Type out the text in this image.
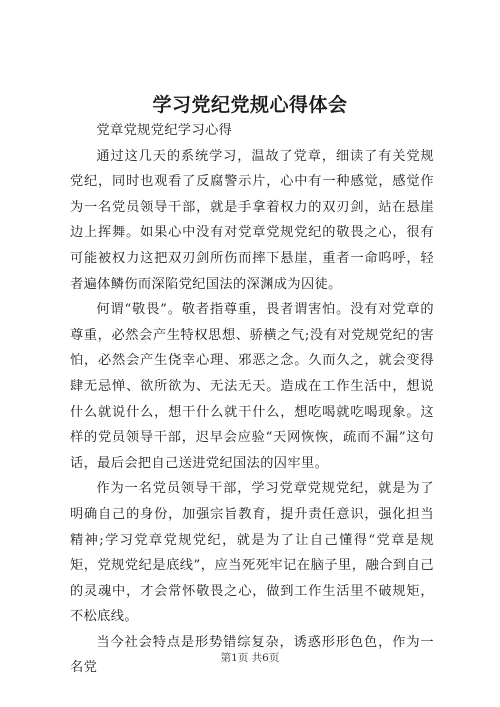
学习党纪党规心得体会

党章党规党纪学习心得

通过这几天的系统学习，温故了党章，细读了有关党规党纪，同时也观看了反腐警示片，心中有一种感觉，感觉作为一名党员领导干部，就是手拿着权力的双刃剑，站在悬崖边上挥舞。如果心中没有对党章党规党纪的敬畏之心，很有可能被权力这把双刃剑所伤而摔下悬崖，重者一命呜呼，轻者遍体鳞伤而深陷党纪国法的深渊成为囚徒。

何谓“敬畏”。敬者指尊重，畏者谓害怕。没有对党章的尊重，必然会产生特权思想、骄横之气;没有对党规党纪的害怕，必然会产生侥幸心理、邪恶之念。久而久之，就会变得肆无忌惮、欲所欲为、无法无天。造成在工作生活中，想说什么就说什么，想干什么就干什么，想吃喝就吃喝现象。这样的党员领导干部，迟早会应验“天网恢恢，疏而不漏”这句话，最后会把自己送进党纪国法的囚牢里。

作为一名党员领导干部，学习党章党规党纪，就是为了明确自己的身份，加强宗旨教育，提升责任意识，强化担当精神;学习党章党规党纪，就是为了让自己懂得“党章是规矩，党规党纪是底线”，应当死死牢记在脑子里，融合到自己的灵魂中，才会常怀敬畏之心，做到工作生活里不破规矩，不松底线。

当今社会特点是形势错综复杂，诱惑形形色色，作为一名党

第1页 共6页
